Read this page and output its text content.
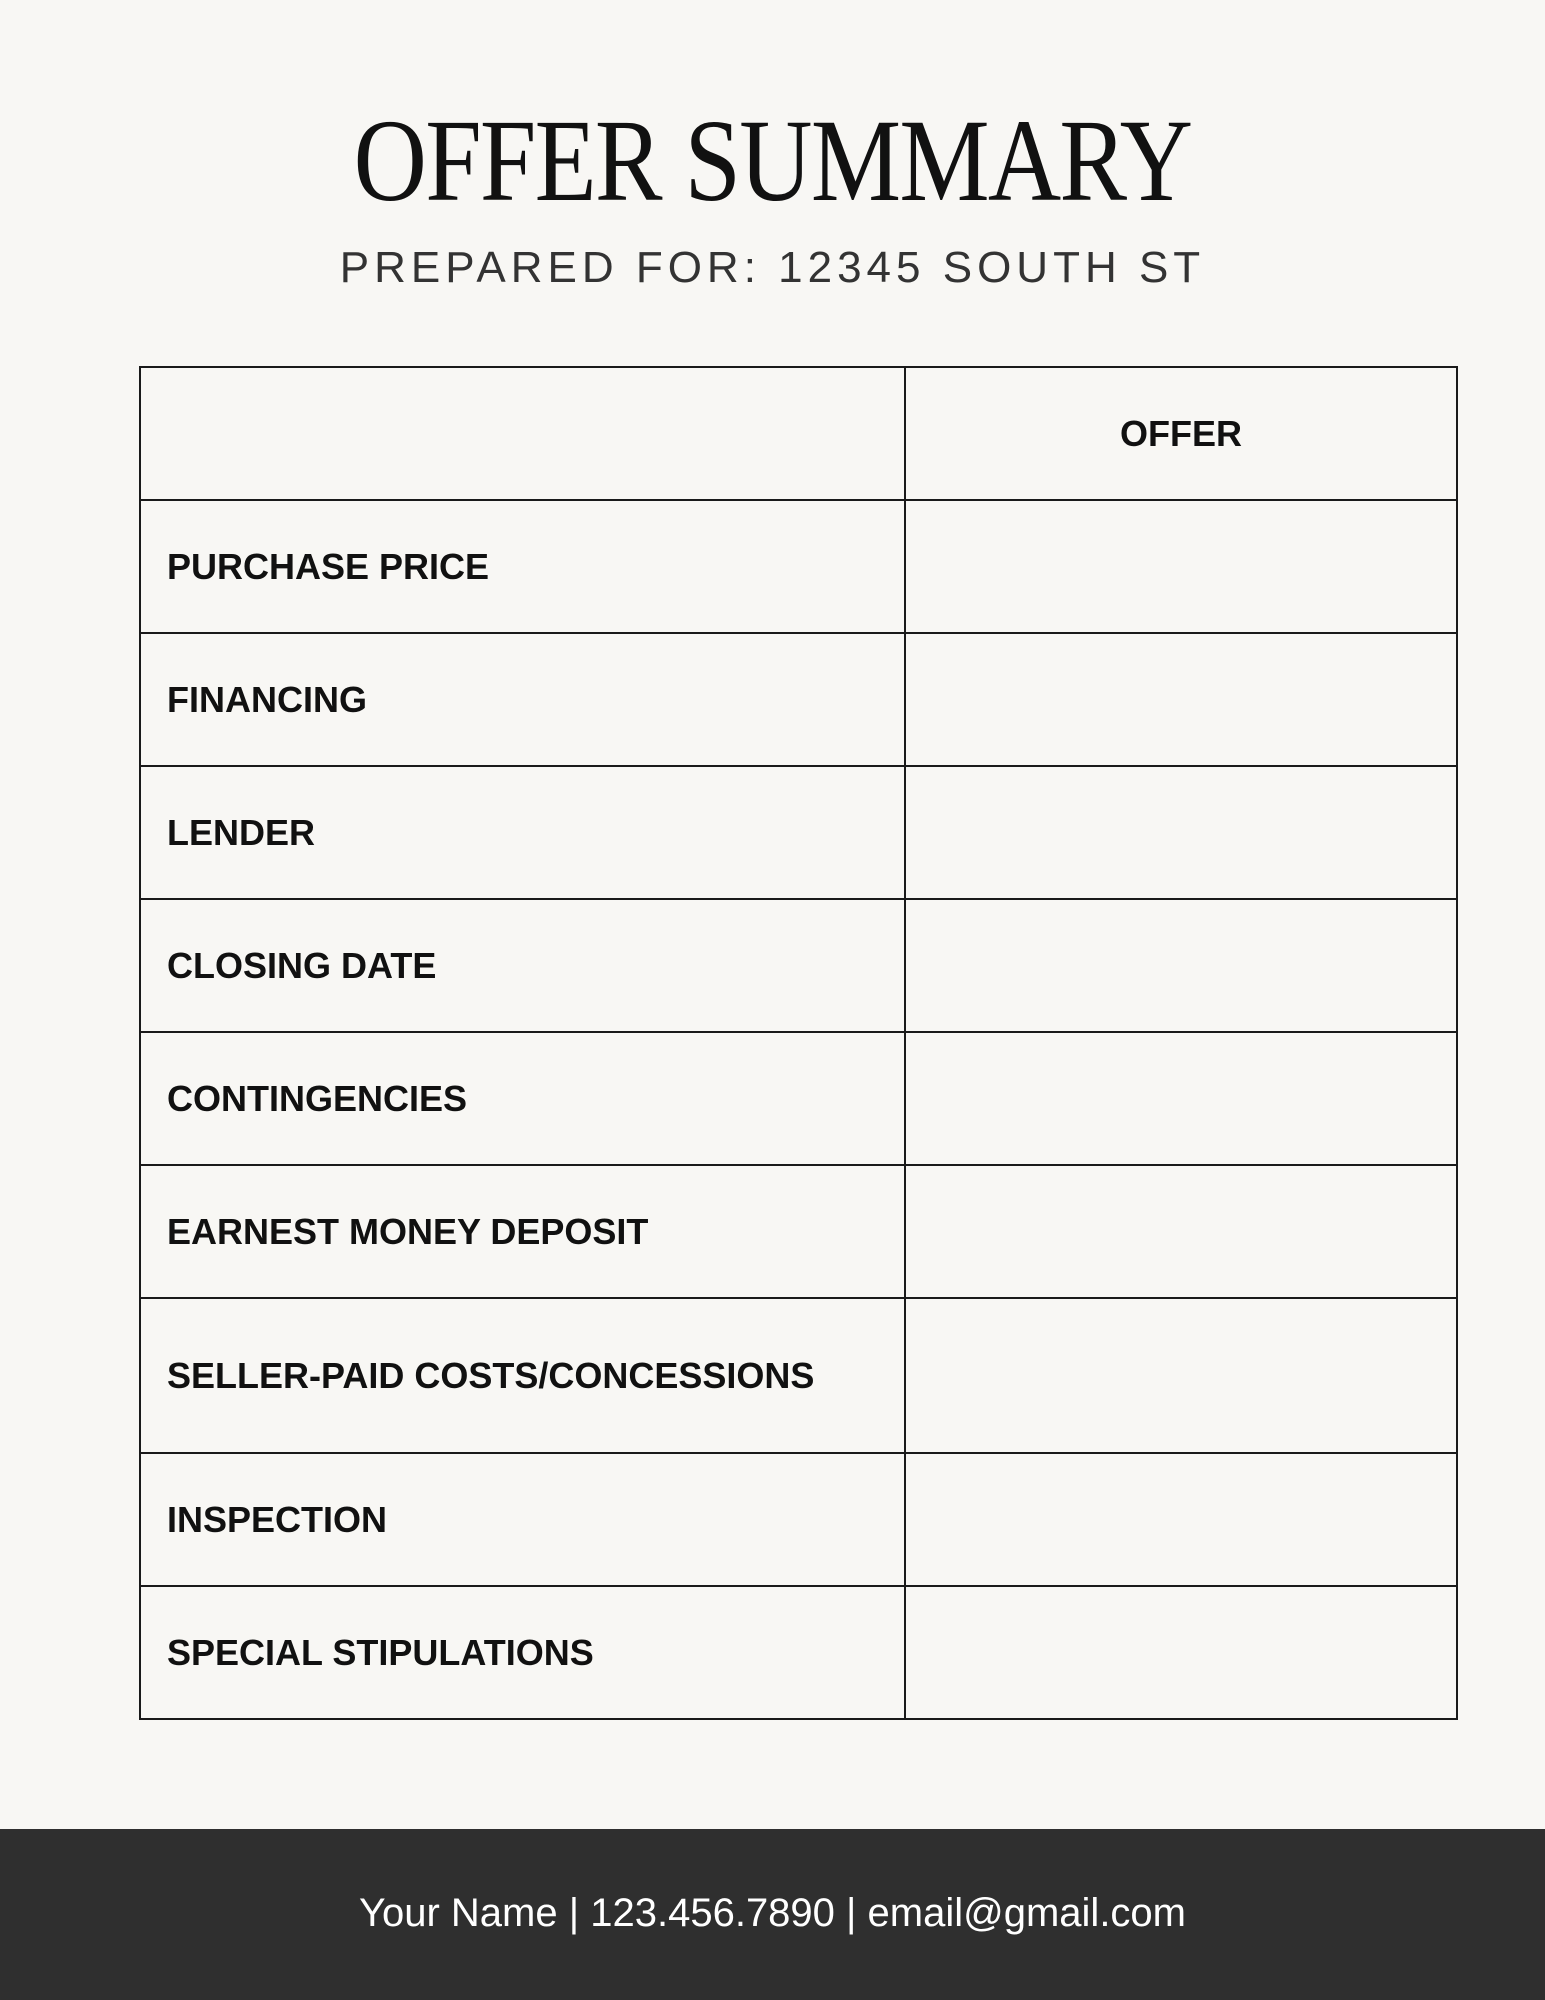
OFFER SUMMARY
PREPARED FOR: 12345 SOUTH ST
	OFFER
PURCHASE PRICE	
FINANCING	
LENDER	
CLOSING DATE	
CONTINGENCIES	
EARNEST MONEY DEPOSIT	
SELLER-PAID COSTS/CONCESSIONS	
INSPECTION	
SPECIAL STIPULATIONS	
Your Name | 123.456.7890 | email@gmail.com
